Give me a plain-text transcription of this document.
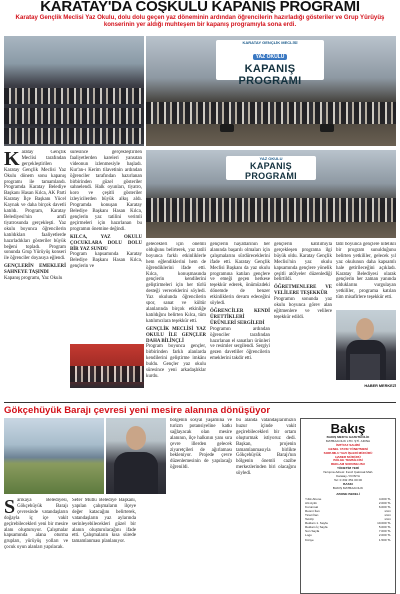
KARATAY'DA COŞKULU KAPANIŞ PROGRAMI
Karatay Gençlik Meclisi Yaz Okulu, dolu dolu geçen yaz döneminin ardından öğrencilerin hazırladığı gösteriler ve Grup Yürüyüş konserinin yer aldığı muhteşem bir kapanış programıyla sona erdi.
KARATAY GENÇLİK MECLİSİ
YAZ OKULU
KAPANIŞ PROGRAMI
Karatay Gençlik Meclisi tarafından gerçekleştirilen Karatay Gençlik Meclisi Yaz Okulu dönem sonu kapanış programı ile tamamlandı. Programda Karatay Belediye Başkanı Hasan Kılca, AK Parti Karatay İlçe Başkanı Yücel Kaynak ve daha birçok davetli katıldı. Program, Karatay Belediyesi'nin amfi tiyatrosunda gerçekleşti. Yaz okulu boyunca öğrencilerin katıldıkları faaliyetlerde hazırladıkları gösteriler büyük beğeni topladı. Program sonunda Grup Yürüyüş konseri ile öğrenciler doyasıya eğlendi.
GENÇLERİN EMEKLERİ SAHNEYE TAŞINDI
Kapanış programı, Yaz Okulu
süresince gerçekleştirilen faaliyetlerden kareleri yansıtan videonun izlenmesiyle başladı. Kur'an-ı Kerim tilavetinin ardından öğrenciler tarafından hazırlanan birbirinden güzel gösteriler sahnelendi. Halk oyunları, tiyatro, koro ve çeşitli gösteriler izleyicilerden büyük alkış aldı. Programda konuşan Karatay Belediye Başkanı Hasan Kılca, gençlerin yaz tatilini verimli geçirmeleri için hazırlanan bu programın önemine değindi.
KILCA, YAZ OKULU ÇOCUKLARA DOLU DOLU BİR YAZ SUNDU
Program kapsamında Karatay Belediye Başkanı Hasan Kılca, gençlerin ve
YAZ OKULU
KAPANIŞ PROGRAMI
gelecekleri için önemli olduğunu belirterek, yaz tatili boyunca farklı etkinliklerle hem eğlendiklerini hem de öğrendiklerini ifade etti. Kılca, konuşmasında gençlerin kendilerini geliştirmeleri için her türlü desteği vereceklerini söyledi. Yaz okulunda öğrencilerin spor, sanat ve kültür alanlarında birçok etkinliğe katıldığını belirten Kılca, tüm katılımcılara teşekkür etti.
GENÇLİK MECLİSİ YAZ OKULU İLE GENÇLER DAHA BİLİNÇLİ
Program boyunca gençler, birbirinden farklı alanlarda kendilerini geliştirme imkânı buldu. Gençler yaz okulu süresince yeni arkadaşlıklar kurdu.
gençlerin hayatlarının her alanında başarılı olmaları için çalışmalarını sürdüreceklerini ifade etti. Karatay Gençlik Meclisi Başkanı da yaz okulu programına katılan gençlere ve emeği geçen herkese teşekkür ederek, önümüzdeki dönemde de benzer etkinliklerin devam edeceğini söyledi.
ÖĞRENCİLER KENDİ ÜRETTİKLERİ ÜRÜNLERİ SERGİLEDİ
Programın ardından öğrenciler tarafından hazırlanan el sanatları ürünleri ve resimler sergilendi. Sergiyi gezen davetliler öğrencilerin emeklerini takdir etti.
gençlerin katılımıyla gerçekleşen programa ilgi büyük oldu. Karatay Gençlik Meclisi'nin yaz okulu kapsamında gençlere yönelik çeşitli atölyeler düzenlediği belirtildi.
ÖĞRETMENLERE VE VELİLERE TEŞEKKÜR
Programın sonunda yaz okulu boyunca görev alan eğitmenlere ve velilere teşekkür edildi.
tatil boyunca gençlere nitelikli bir program sunulduğunu belirten yetkililer, gelecek yıl yaz okulunun daha kapsamlı hale getirileceğini açıkladı. Karatay Belediyesi olarak gençlerin her zaman yanında olduklarını vurgulayan yetkililer, programa katılan tüm misafirlere teşekkür etti.
HABER MERKEZİ
Gökçehüyük Barajı çevresi yeni mesire alanına dönüşüyor
Sarıkaya Belediyesi, Gökçehüyük Barajı çevresinde vatandaşların doğayla iç içe vakit geçirebilecekleri yeni bir mesire alanı oluşturuyor. Çalışmalar kapsamında alana oturma grupları, yürüyüş yolları ve çocuk oyun alanları yapılacak.
Sefer Mutlu Belediye Başkanı, yapılan çalışmaların ilçeye değer katacağını belirterek, vatandaşların yaz aylarında serinleyebilecekleri güzel bir alanın oluşturulacağını ifade etti. Çalışmaların kısa sürede tamamlanması planlanıyor.
bölgenin sosyal yaşamına ve turizm potansiyeline katkı sağlayacak olan mesire alanının, ilçe halkının yanı sıra çevre illerden gelecek ziyaretçileri de ağırlaması bekleniyor. Projede çevre düzenlemesinin de yapılacağı öğrenildi.
bu alanda vatandaşlarımızın huzur içinde vakit geçirebilecekleri bir ortam oluşturmak istiyoruz dedi. Başkan, projenin tamamlanmasıyla birlikte Gökçehüyük Barajı'nın bölgenin önemli cazibe merkezlerinden biri olacağını söyledi.
Bakış
BAKIŞ MEDYA GAZETECİLİK
MATBAACILIK LTD. ŞTİ. ADINA
İMTİYAZ SAHİBİ
GENEL YAYIN YÖNETMENİ
SORUMLU YAZI İŞLERİ MÜDÜRÜ
HABER MÜDÜRÜ
BÖLGE TEMSİLCİSİ
REKLAM SORUMLUSU
YÖNETİM YERİ
Yazışma Adresi: Fevzi Çakmak Mah.
Karatay / KONYA
Tel: 0 332 351 00 00
BASKI
BAKIŞ MATBAACILIK
ABONE BEDELİ
Yıllık Abone	4.000 TL
Altı Aylık	2.000 TL
Kurumsal	6.000 TL
Resmi İlan	s/cm
Ticari İlan	s/cm
Tekzip	s/cm
Reklam 1. Sayfa	10.000 TL
Reklam İç Sayfa	5.000 TL
Son Sayfa	7.000 TL
Logo	2.000 TL
Künye	1.500 TL
